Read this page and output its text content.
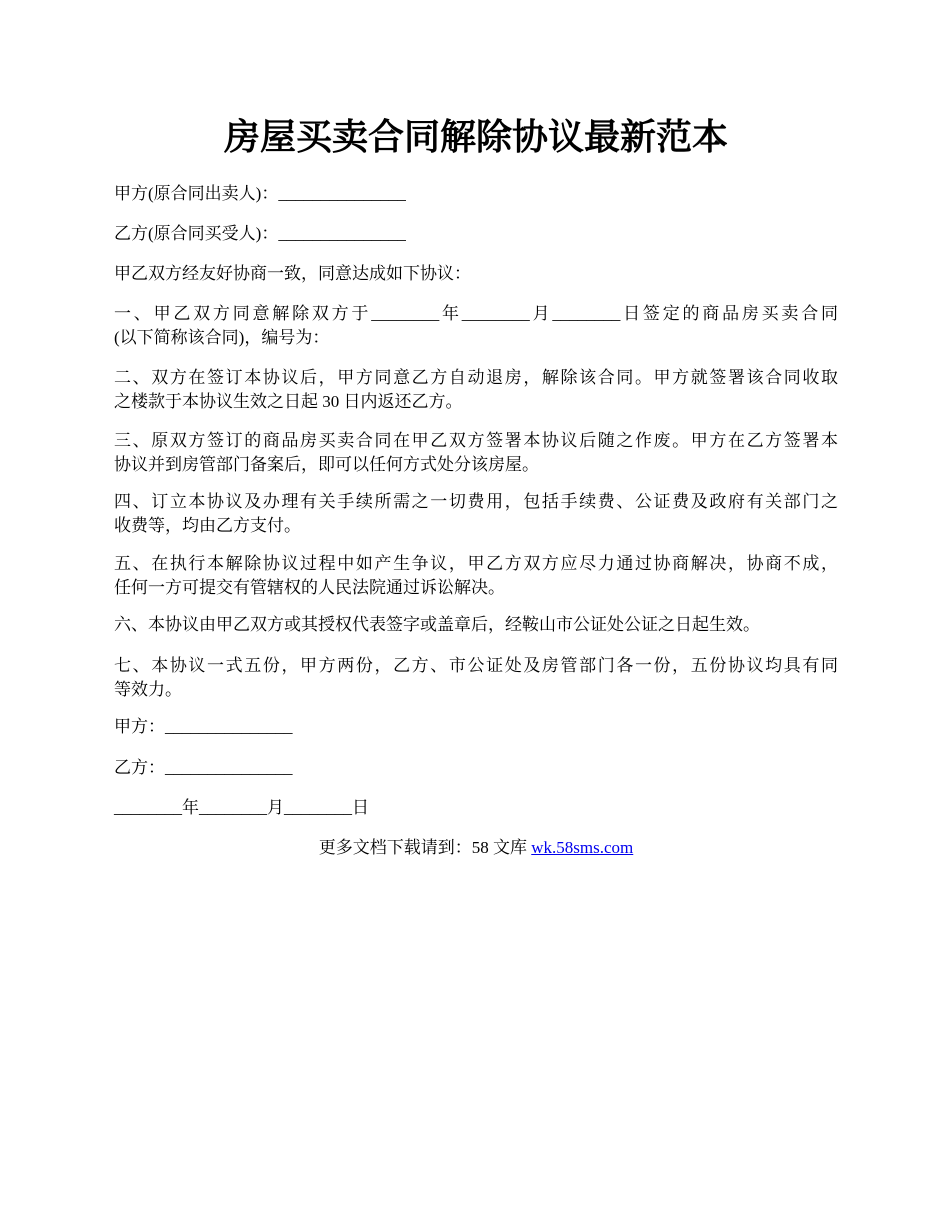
房屋买卖合同解除协议最新范本

甲方(原合同出卖人)：_______________

乙方(原合同买受人)：_______________

甲乙双方经友好协商一致，同意达成如下协议：

一、甲乙双方同意解除双方于________年________月________日签定的商品房买卖合同
(以下简称该合同)，编号为：

二、双方在签订本协议后，甲方同意乙方自动退房，解除该合同。甲方就签署该合同收取
之楼款于本协议生效之日起 30 日内返还乙方。

三、原双方签订的商品房买卖合同在甲乙双方签署本协议后随之作废。甲方在乙方签署本
协议并到房管部门备案后，即可以任何方式处分该房屋。

四、订立本协议及办理有关手续所需之一切费用，包括手续费、公证费及政府有关部门之
收费等，均由乙方支付。

五、在执行本解除协议过程中如产生争议，甲乙方双方应尽力通过协商解决，协商不成，
任何一方可提交有管辖权的人民法院通过诉讼解决。

六、本协议由甲乙双方或其授权代表签字或盖章后，经鞍山市公证处公证之日起生效。

七、本协议一式五份，甲方两份，乙方、市公证处及房管部门各一份，五份协议均具有同
等效力。

甲方：_______________

乙方：_______________

________年________月________日

更多文档下载请到：58 文库 wk.58sms.com
